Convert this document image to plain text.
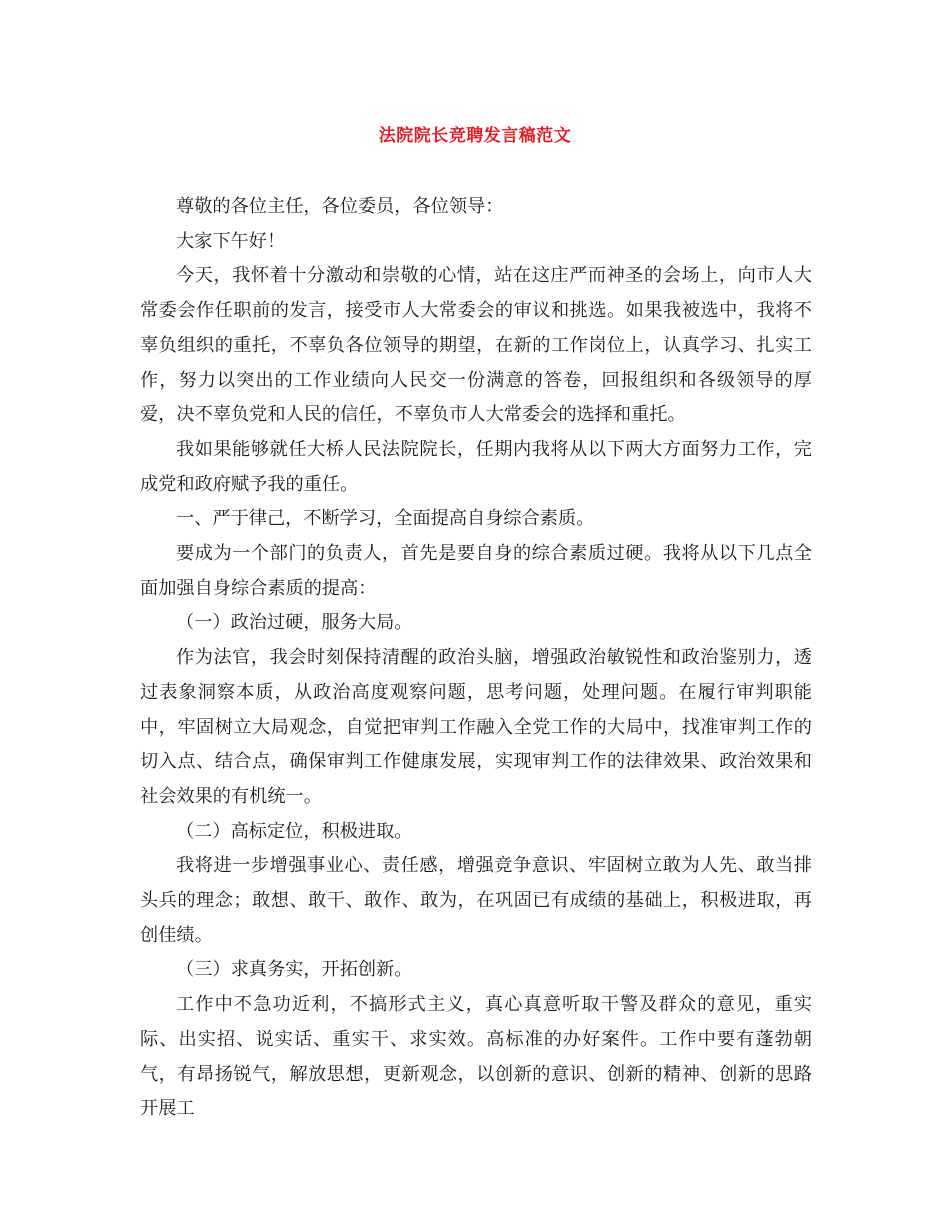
法院院长竞聘发言稿范文

尊敬的各位主任，各位委员，各位领导：

大家下午好！

今天，我怀着十分激动和崇敬的心情，站在这庄严而神圣的会场上，向市人大常委会作任职前的发言，接受市人大常委会的审议和挑选。如果我被选中，我将不辜负组织的重托，不辜负各位领导的期望，在新的工作岗位上，认真学习、扎实工作，努力以突出的工作业绩向人民交一份满意的答卷，回报组织和各级领导的厚爱，决不辜负党和人民的信任，不辜负市人大常委会的选择和重托。

我如果能够就任大桥人民法院院长，任期内我将从以下两大方面努力工作，完成党和政府赋予我的重任。

一、严于律己，不断学习，全面提高自身综合素质。

要成为一个部门的负责人，首先是要自身的综合素质过硬。我将从以下几点全面加强自身综合素质的提高：

（一）政治过硬，服务大局。

作为法官，我会时刻保持清醒的政治头脑，增强政治敏锐性和政治鉴别力，透过表象洞察本质，从政治高度观察问题，思考问题，处理问题。在履行审判职能中，牢固树立大局观念，自觉把审判工作融入全党工作的大局中，找准审判工作的切入点、结合点，确保审判工作健康发展，实现审判工作的法律效果、政治效果和社会效果的有机统一。

（二）高标定位，积极进取。

我将进一步增强事业心、责任感，增强竞争意识、牢固树立敢为人先、敢当排头兵的理念；敢想、敢干、敢作、敢为，在巩固已有成绩的基础上，积极进取，再创佳绩。

（三）求真务实，开拓创新。

工作中不急功近利，不搞形式主义，真心真意听取干警及群众的意见，重实际、出实招、说实话、重实干、求实效。高标准的办好案件。工作中要有蓬勃朝气，有昂扬锐气，解放思想，更新观念，以创新的意识、创新的精神、创新的思路开展工
